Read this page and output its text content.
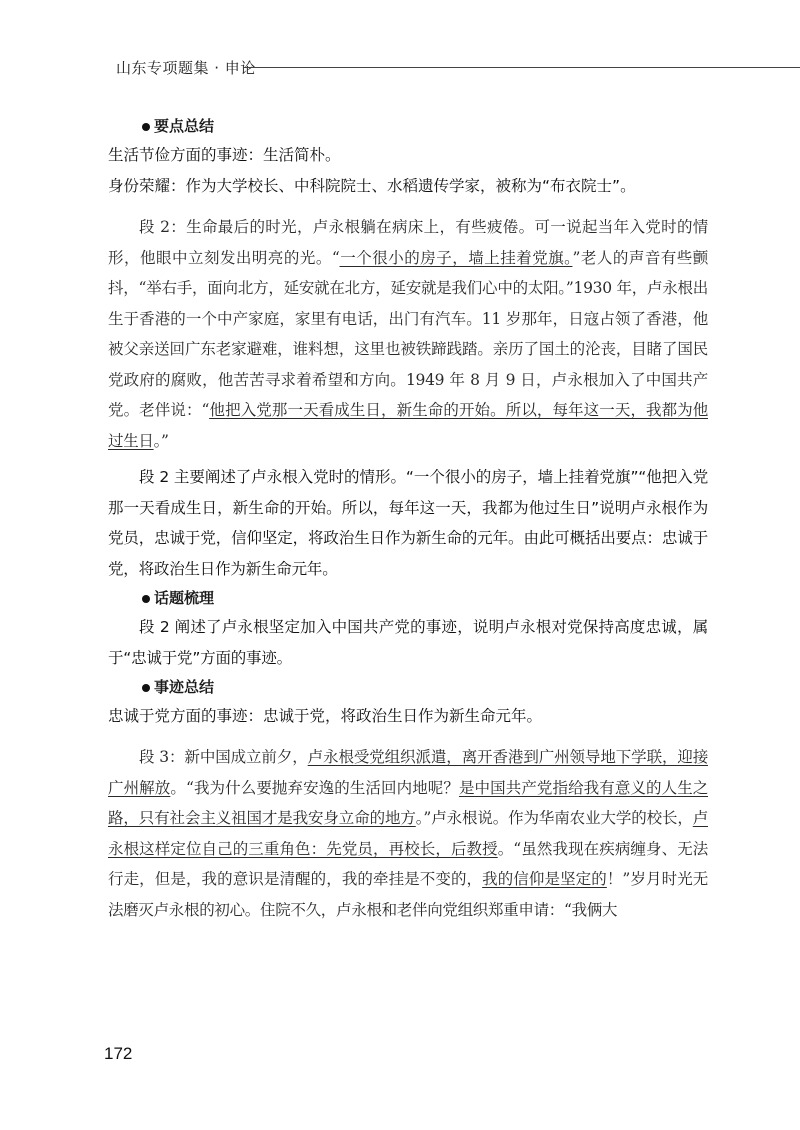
山东专项题集 · 申论

要点总结

生活节俭方面的事迹：生活简朴。

身份荣耀：作为大学校长、中科院院士、水稻遗传学家，被称为“布衣院士”。

段 2：生命最后的时光，卢永根躺在病床上，有些疲倦。可一说起当年入党时的情形，他眼中立刻发出明亮的光。“一个很小的房子，墙上挂着党旗。”老人的声音有些颤抖，“举右手，面向北方，延安就在北方，延安就是我们心中的太阳。”1930 年，卢永根出生于香港的一个中产家庭，家里有电话，出门有汽车。11 岁那年，日寇占领了香港，他被父亲送回广东老家避难，谁料想，这里也被铁蹄践踏。亲历了国土的沦丧，目睹了国民党政府的腐败，他苦苦寻求着希望和方向。1949 年 8 月 9 日，卢永根加入了中国共产党。老伴说：“他把入党那一天看成生日，新生命的开始。所以，每年这一天，我都为他过生日。”

段 2 主要阐述了卢永根入党时的情形。“一个很小的房子，墙上挂着党旗”“他把入党那一天看成生日，新生命的开始。所以，每年这一天，我都为他过生日”说明卢永根作为党员，忠诚于党，信仰坚定，将政治生日作为新生命的元年。由此可概括出要点：忠诚于党，将政治生日作为新生命元年。

话题梳理

段 2 阐述了卢永根坚定加入中国共产党的事迹，说明卢永根对党保持高度忠诚，属于“忠诚于党”方面的事迹。

事迹总结

忠诚于党方面的事迹：忠诚于党，将政治生日作为新生命元年。

段 3：新中国成立前夕，卢永根受党组织派遣，离开香港到广州领导地下学联，迎接广州解放。“我为什么要抛弃安逸的生活回内地呢？是中国共产党指给我有意义的人生之路，只有社会主义祖国才是我安身立命的地方。”卢永根说。作为华南农业大学的校长，卢永根这样定位自己的三重角色：先党员，再校长，后教授。“虽然我现在疾病缠身、无法行走，但是，我的意识是清醒的，我的牵挂是不变的，我的信仰是坚定的！”岁月时光无法磨灭卢永根的初心。住院不久，卢永根和老伴向党组织郑重申请：“我俩大

172
